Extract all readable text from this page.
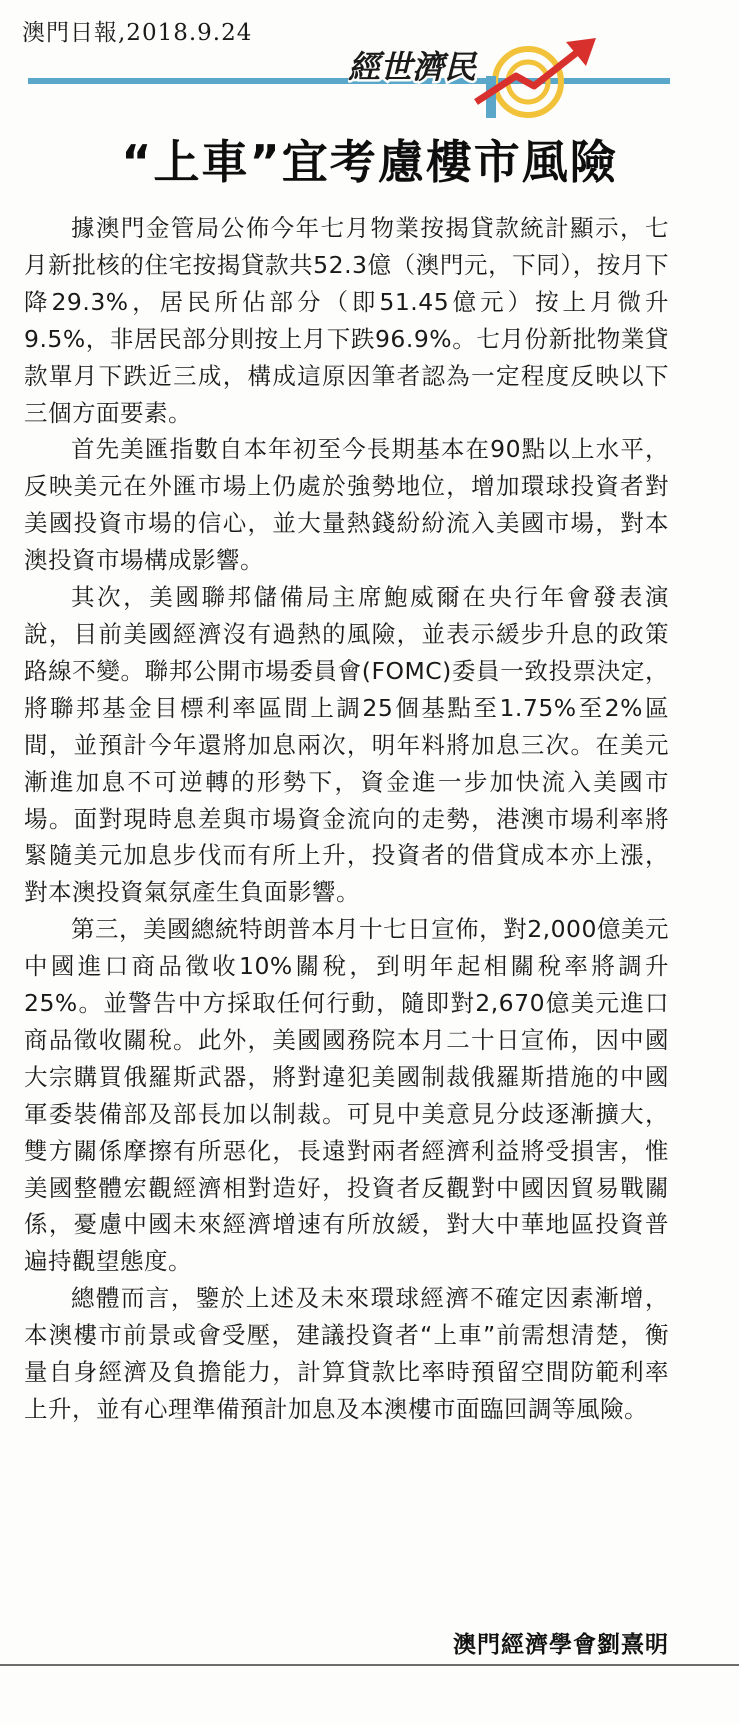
澳門日報,2018.9.24
經世濟民
“上車”宜考慮樓市風險

據澳門金管局公佈今年七月物業按揭貸款統計顯示，七月新批核的住宅按揭貸款共52.3億（澳門元，下同），按月下降29.3%，居民所佔部分（即51.45億元）按上月微升9.5%，非居民部分則按上月下跌96.9%。七月份新批物業貸款單月下跌近三成，構成這原因筆者認為一定程度反映以下三個方面要素。

首先美匯指數自本年初至今長期基本在90點以上水平，反映美元在外匯市場上仍處於強勢地位，增加環球投資者對美國投資市場的信心，並大量熱錢紛紛流入美國市場，對本澳投資市場構成影響。

其次，美國聯邦儲備局主席鮑威爾在央行年會發表演說，目前美國經濟沒有過熱的風險，並表示緩步升息的政策路線不變。聯邦公開市場委員會(FOMC)委員一致投票決定，將聯邦基金目標利率區間上調25個基點至1.75%至2%區間，並預計今年還將加息兩次，明年料將加息三次。在美元漸進加息不可逆轉的形勢下，資金進一步加快流入美國市場。面對現時息差與市場資金流向的走勢，港澳市場利率將緊隨美元加息步伐而有所上升，投資者的借貸成本亦上漲，對本澳投資氣氛產生負面影響。

第三，美國總統特朗普本月十七日宣佈，對2,000億美元中國進口商品徵收10%關稅，到明年起相關稅率將調升25%。並警告中方採取任何行動，隨即對2,670億美元進口商品徵收關稅。此外，美國國務院本月二十日宣佈，因中國大宗購買俄羅斯武器，將對違犯美國制裁俄羅斯措施的中國軍委裝備部及部長加以制裁。可見中美意見分歧逐漸擴大，雙方關係摩擦有所惡化，長遠對兩者經濟利益將受損害，惟美國整體宏觀經濟相對造好，投資者反觀對中國因貿易戰關係，憂慮中國未來經濟增速有所放緩，對大中華地區投資普遍持觀望態度。

總體而言，鑒於上述及未來環球經濟不確定因素漸增，本澳樓市前景或會受壓，建議投資者“上車”前需想清楚，衡量自身經濟及負擔能力，計算貸款比率時預留空間防範利率上升，並有心理準備預計加息及本澳樓市面臨回調等風險。

澳門經濟學會劉熹明
